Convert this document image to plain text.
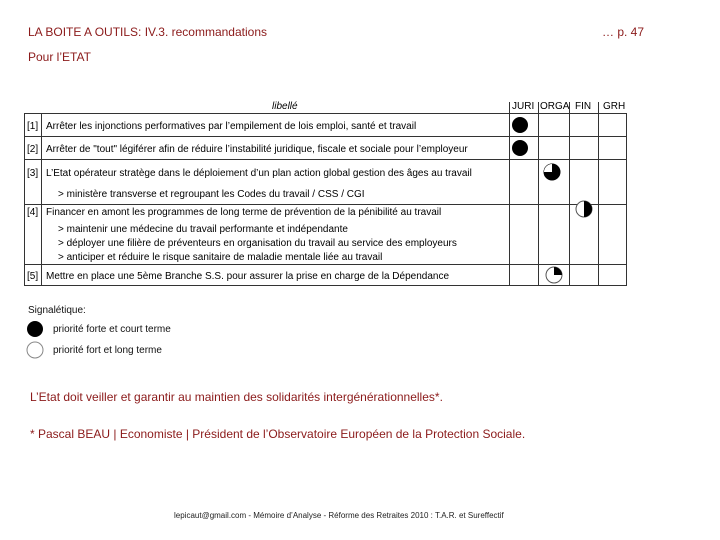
LA BOITE A OUTILS: IV.3. recommandations	… p. 47
Pour l’ETAT
libellé	JURI ORGA FIN GRH
[1] Arrêter les injonctions performatives par l’empilement de lois emploi, santé et travail
[2] Arrêter de "tout" légiférer afin de réduire l’instabilité juridique, fiscale et sociale pour l’employeur
[3] L’Etat opérateur stratège dans le déploiement d’un plan action global gestion des âges au travail
> ministère transverse et regroupant les Codes du travail / CSS / CGI
[4] Financer en amont les programmes de long terme de prévention de la pénibilité au travail
> maintenir une médecine du travail performante et indépendante
> déployer une filière de préventeurs en organisation du travail au service des employeurs
> anticiper et réduire le risque sanitaire de maladie mentale liée au travail
[5] Mettre en place une 5ème Branche S.S. pour assurer la prise en charge de la Dépendance
Signalétique:
priorité forte et court terme
priorité fort et long terme
L’Etat doit veiller et garantir au maintien des solidarités intergénérationnelles*.
* Pascal BEAU | Economiste | Président de l’Observatoire Européen de la Protection Sociale.
lepicaut@gmail.com - Mémoire d’Analyse - Réforme des Retraites 2010 : T.A.R. et Sureffectif
